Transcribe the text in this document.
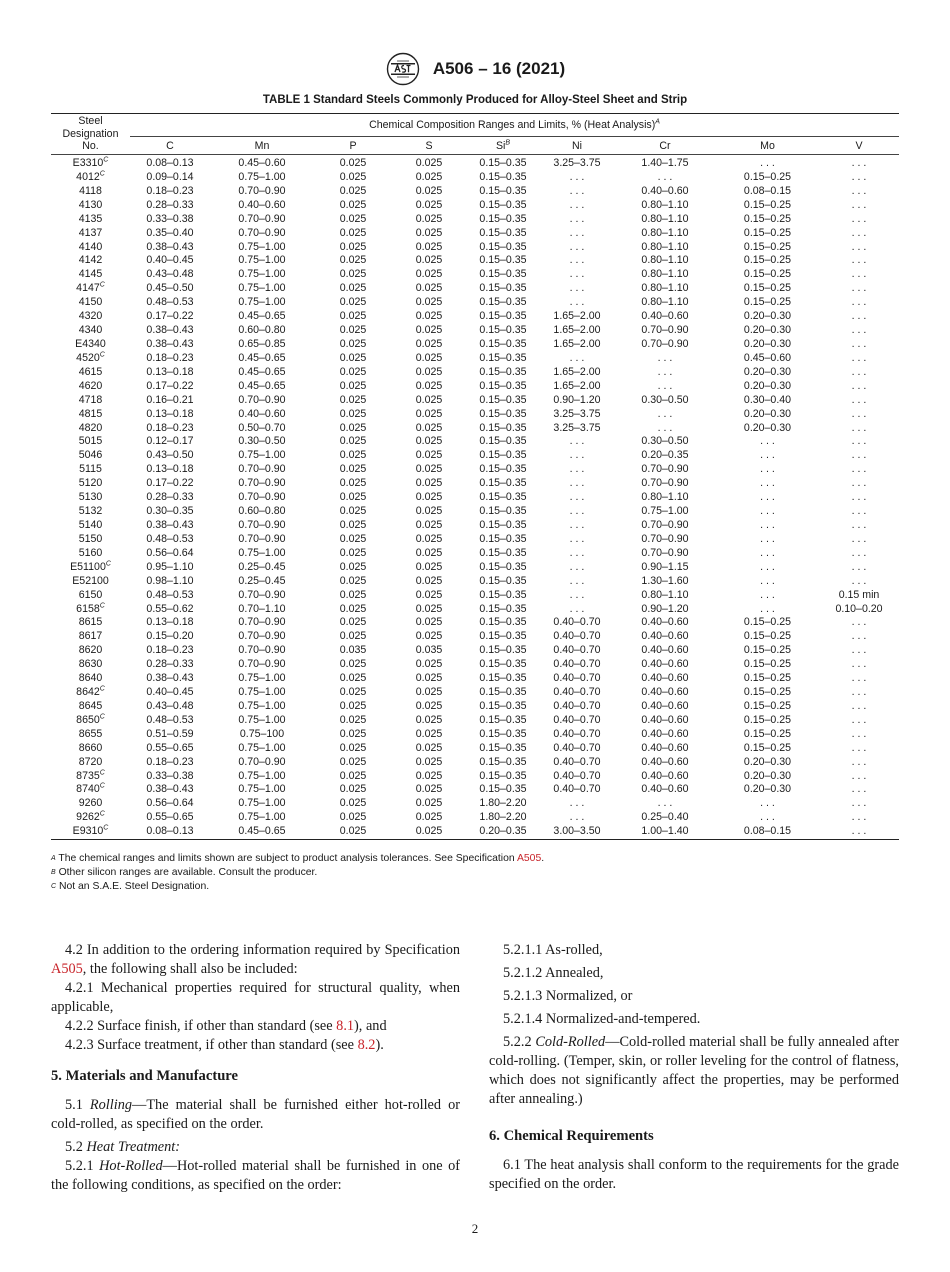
A506 – 16 (2021)
TABLE 1 Standard Steels Commonly Produced for Alloy-Steel Sheet and Strip
Steel
Designation
No.	Chemical Composition Ranges and Limits, % (Heat Analysis)$^A$
	C	Mn	P	S	$Si^B$	Ni	Cr	Mo	V
$E3310^C$	0.08–0.13	0.45–0.60	0.025	0.025	0.15–0.35	3.25–3.75	1.40–1.75	. . .	. . .
$4012^C$	0.09–0.14	0.75–1.00	0.025	0.025	0.15–0.35	. . .	. . .	0.15–0.25	. . .
4118	0.18–0.23	0.70–0.90	0.025	0.025	0.15–0.35	. . .	0.40–0.60	0.08–0.15	. . .
4130	0.28–0.33	0.40–0.60	0.025	0.025	0.15–0.35	. . .	0.80–1.10	0.15–0.25	. . .
4135	0.33–0.38	0.70–0.90	0.025	0.025	0.15–0.35	. . .	0.80–1.10	0.15–0.25	. . .
4137	0.35–0.40	0.70–0.90	0.025	0.025	0.15–0.35	. . .	0.80–1.10	0.15–0.25	. . .
4140	0.38–0.43	0.75–1.00	0.025	0.025	0.15–0.35	. . .	0.80–1.10	0.15–0.25	. . .
4142	0.40–0.45	0.75–1.00	0.025	0.025	0.15–0.35	. . .	0.80–1.10	0.15–0.25	. . .
4145	0.43–0.48	0.75–1.00	0.025	0.025	0.15–0.35	. . .	0.80–1.10	0.15–0.25	. . .
$4147^C$	0.45–0.50	0.75–1.00	0.025	0.025	0.15–0.35	. . .	0.80–1.10	0.15–0.25	. . .
4150	0.48–0.53	0.75–1.00	0.025	0.025	0.15–0.35	. . .	0.80–1.10	0.15–0.25	. . .
4320	0.17–0.22	0.45–0.65	0.025	0.025	0.15–0.35	1.65–2.00	0.40–0.60	0.20–0.30	. . .
4340	0.38–0.43	0.60–0.80	0.025	0.025	0.15–0.35	1.65–2.00	0.70–0.90	0.20–0.30	. . .
E4340	0.38–0.43	0.65–0.85	0.025	0.025	0.15–0.35	1.65–2.00	0.70–0.90	0.20–0.30	. . .
$4520^C$	0.18–0.23	0.45–0.65	0.025	0.025	0.15–0.35	. . .	. . .	0.45–0.60	. . .
4615	0.13–0.18	0.45–0.65	0.025	0.025	0.15–0.35	1.65–2.00	. . .	0.20–0.30	. . .
4620	0.17–0.22	0.45–0.65	0.025	0.025	0.15–0.35	1.65–2.00	. . .	0.20–0.30	. . .
4718	0.16–0.21	0.70–0.90	0.025	0.025	0.15–0.35	0.90–1.20	0.30–0.50	0.30–0.40	. . .
4815	0.13–0.18	0.40–0.60	0.025	0.025	0.15–0.35	3.25–3.75	. . .	0.20–0.30	. . .
4820	0.18–0.23	0.50–0.70	0.025	0.025	0.15–0.35	3.25–3.75	. . .	0.20–0.30	. . .
5015	0.12–0.17	0.30–0.50	0.025	0.025	0.15–0.35	. . .	0.30–0.50	. . .	. . .
5046	0.43–0.50	0.75–1.00	0.025	0.025	0.15–0.35	. . .	0.20–0.35	. . .	. . .
5115	0.13–0.18	0.70–0.90	0.025	0.025	0.15–0.35	. . .	0.70–0.90	. . .	. . .
5120	0.17–0.22	0.70–0.90	0.025	0.025	0.15–0.35	. . .	0.70–0.90	. . .	. . .
5130	0.28–0.33	0.70–0.90	0.025	0.025	0.15–0.35	. . .	0.80–1.10	. . .	. . .
5132	0.30–0.35	0.60–0.80	0.025	0.025	0.15–0.35	. . .	0.75–1.00	. . .	. . .
5140	0.38–0.43	0.70–0.90	0.025	0.025	0.15–0.35	. . .	0.70–0.90	. . .	. . .
5150	0.48–0.53	0.70–0.90	0.025	0.025	0.15–0.35	. . .	0.70–0.90	. . .	. . .
5160	0.56–0.64	0.75–1.00	0.025	0.025	0.15–0.35	. . .	0.70–0.90	. . .	. . .
$E51100^C$	0.95–1.10	0.25–0.45	0.025	0.025	0.15–0.35	. . .	0.90–1.15	. . .	. . .
E52100	0.98–1.10	0.25–0.45	0.025	0.025	0.15–0.35	. . .	1.30–1.60	. . .	. . .
6150	0.48–0.53	0.70–0.90	0.025	0.025	0.15–0.35	. . .	0.80–1.10	. . .	0.15 min
$6158^C$	0.55–0.62	0.70–1.10	0.025	0.025	0.15–0.35	. . .	0.90–1.20	. . .	0.10–0.20
8615	0.13–0.18	0.70–0.90	0.025	0.025	0.15–0.35	0.40–0.70	0.40–0.60	0.15–0.25	. . .
8617	0.15–0.20	0.70–0.90	0.025	0.025	0.15–0.35	0.40–0.70	0.40–0.60	0.15–0.25	. . .
8620	0.18–0.23	0.70–0.90	0.035	0.035	0.15–0.35	0.40–0.70	0.40–0.60	0.15–0.25	. . .
8630	0.28–0.33	0.70–0.90	0.025	0.025	0.15–0.35	0.40–0.70	0.40–0.60	0.15–0.25	. . .
8640	0.38–0.43	0.75–1.00	0.025	0.025	0.15–0.35	0.40–0.70	0.40–0.60	0.15–0.25	. . .
$8642^C$	0.40–0.45	0.75–1.00	0.025	0.025	0.15–0.35	0.40–0.70	0.40–0.60	0.15–0.25	. . .
8645	0.43–0.48	0.75–1.00	0.025	0.025	0.15–0.35	0.40–0.70	0.40–0.60	0.15–0.25	. . .
$8650^C$	0.48–0.53	0.75–1.00	0.025	0.025	0.15–0.35	0.40–0.70	0.40–0.60	0.15–0.25	. . .
8655	0.51–0.59	0.75–100	0.025	0.025	0.15–0.35	0.40–0.70	0.40–0.60	0.15–0.25	. . .
8660	0.55–0.65	0.75–1.00	0.025	0.025	0.15–0.35	0.40–0.70	0.40–0.60	0.15–0.25	. . .
8720	0.18–0.23	0.70–0.90	0.025	0.025	0.15–0.35	0.40–0.70	0.40–0.60	0.20–0.30	. . .
$8735^C$	0.33–0.38	0.75–1.00	0.025	0.025	0.15–0.35	0.40–0.70	0.40–0.60	0.20–0.30	. . .
$8740^C$	0.38–0.43	0.75–1.00	0.025	0.025	0.15–0.35	0.40–0.70	0.40–0.60	0.20–0.30	. . .
9260	0.56–0.64	0.75–1.00	0.025	0.025	1.80–2.20	. . .	. . .	. . .	. . .
$9262^C$	0.55–0.65	0.75–1.00	0.025	0.025	1.80–2.20	. . .	0.25–0.40	. . .	. . .
$E9310^C$	0.08–0.13	0.45–0.65	0.025	0.025	0.20–0.35	3.00–3.50	1.00–1.40	0.08–0.15	. . .
$^A$ The chemical ranges and limits shown are subject to product analysis tolerances. See Specification A505.
$^B$ Other silicon ranges are available. Consult the producer.
$^C$ Not an S.A.E. Steel Designation.

4.2 In addition to the ordering information required by Specification A505, the following shall also be included:

4.2.1 Mechanical properties required for structural quality, when applicable,

4.2.2 Surface finish, if other than standard (see 8.1), and

4.2.3 Surface treatment, if other than standard (see 8.2).

5. Materials and Manufacture

5.1 Rolling—The material shall be furnished either hot-rolled or cold-rolled, as specified on the order.

5.2 Heat Treatment:

5.2.1 Hot-Rolled—Hot-rolled material shall be furnished in one of the following conditions, as specified on the order:

5.2.1.1 As-rolled,

5.2.1.2 Annealed,

5.2.1.3 Normalized, or

5.2.1.4 Normalized-and-tempered.

5.2.2 Cold-Rolled—Cold-rolled material shall be fully annealed after cold-rolling. (Temper, skin, or roller leveling for the control of flatness, which does not significantly affect the properties, may be performed after annealing.)

6. Chemical Requirements

6.1 The heat analysis shall conform to the requirements for the grade specified on the order.

2
